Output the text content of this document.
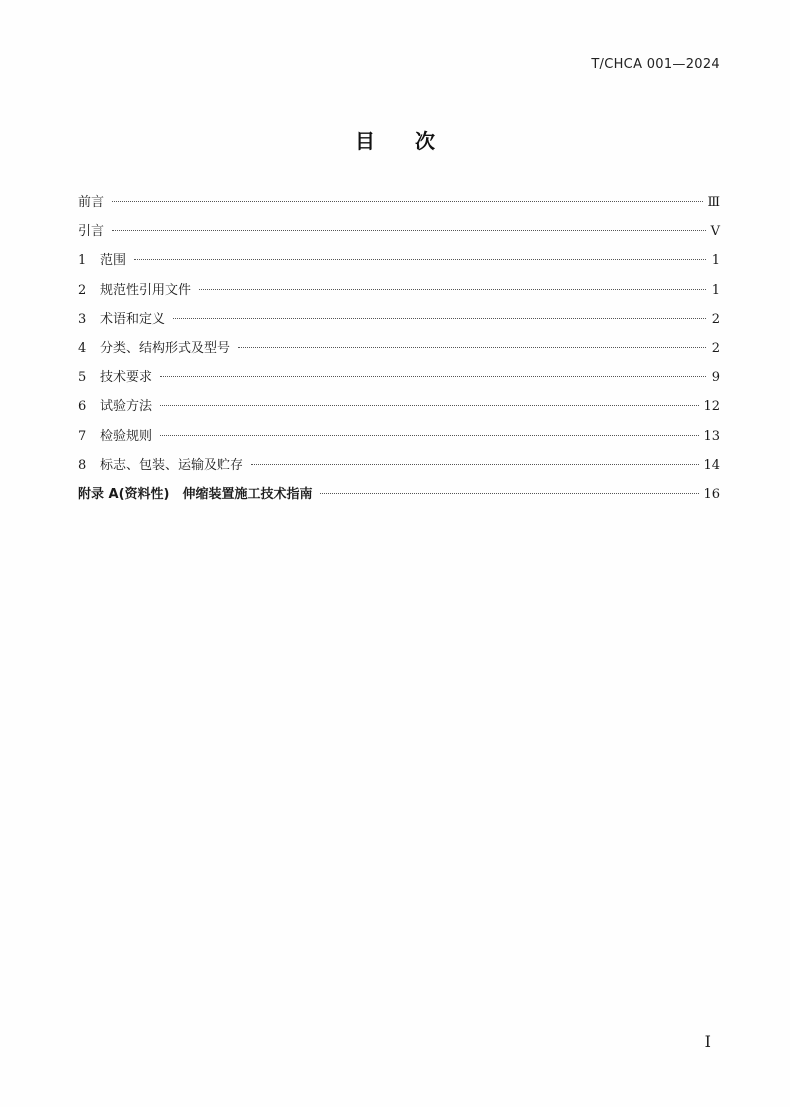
T/CHCA 001—2024
目次
前言	Ⅲ
引言	Ⅴ
1	范围	1
2	规范性引用文件	1
3	术语和定义	2
4	分类、结构形式及型号	2
5	技术要求	9
6	试验方法	12
7	检验规则	13
8	标志、包装、运输及贮存	14
附录 A(资料性)　伸缩装置施工技术指南	16
Ⅰ
